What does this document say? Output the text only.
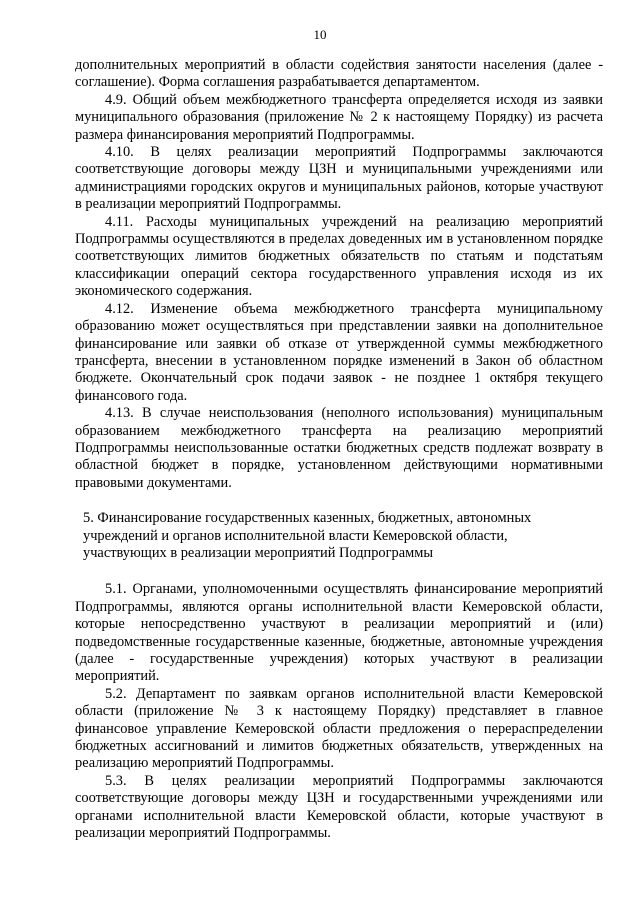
10

дополнительных мероприятий в области содействия занятости населения (далее - соглашение). Форма соглашения разрабатывается департаментом.

4.9. Общий объем межбюджетного трансферта определяется исходя из заявки муниципального образования (приложение № 2 к настоящему Порядку) из расчета размера финансирования мероприятий Подпрограммы.

4.10. В целях реализации мероприятий Подпрограммы заключаются соответствующие договоры между ЦЗН и муниципальными учреждениями или администрациями городских округов и муниципальных районов, которые участвуют в реализации мероприятий Подпрограммы.

4.11. Расходы муниципальных учреждений на реализацию мероприятий Подпрограммы осуществляются в пределах доведенных им в установленном порядке соответствующих лимитов бюджетных обязательств по статьям и подстатьям классификации операций сектора государственного управления исходя из их экономического содержания.

4.12. Изменение объема межбюджетного трансферта муниципальному образованию может осуществляться при представлении заявки на дополнительное финансирование или заявки об отказе от утвержденной суммы межбюджетного трансферта, внесении в установленном порядке изменений в Закон об областном бюджете. Окончательный срок подачи заявок - не позднее 1 октября текущего финансового года.

4.13. В случае неиспользования (неполного использования) муниципальным образованием межбюджетного трансферта на реализацию мероприятий Подпрограммы неиспользованные остатки бюджетных средств подлежат возврату в областной бюджет в порядке, установленном действующими нормативными правовыми документами.

5. Финансирование государственных казенных, бюджетных, автономных

учреждений и органов исполнительной власти Кемеровской области,

участвующих в реализации мероприятий Подпрограммы

5.1. Органами, уполномоченными осуществлять финансирование мероприятий Подпрограммы, являются органы исполнительной власти Кемеровской области, которые непосредственно участвуют в реализации мероприятий и (или) подведомственные государственные казенные, бюджетные, автономные учреждения (далее - государственные учреждения) которых участвуют в реализации мероприятий.

5.2. Департамент по заявкам органов исполнительной власти Кемеровской области (приложение № 3 к настоящему Порядку) представляет в главное финансовое управление Кемеровской области предложения о перераспределении бюджетных ассигнований и лимитов бюджетных обязательств, утвержденных на реализацию мероприятий Подпрограммы.

5.3. В целях реализации мероприятий Подпрограммы заключаются соответствующие договоры между ЦЗН и государственными учреждениями или органами исполнительной власти Кемеровской области, которые участвуют в реализации мероприятий Подпрограммы.
